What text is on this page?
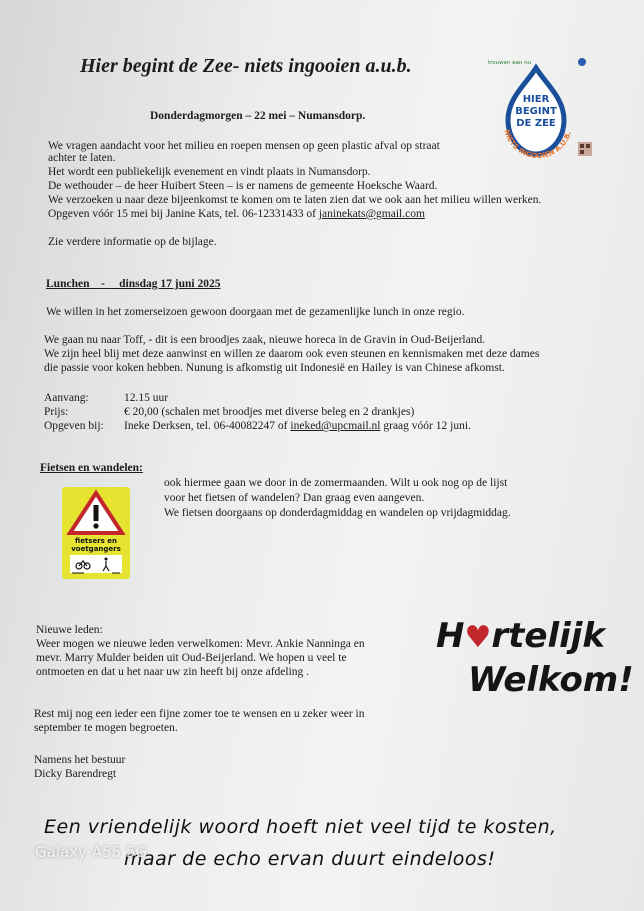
Hier begint de Zee- niets ingooien a.u.b.	trouwen ван nu
HIER
BEGINT
DE ZEE
NIETS INGOOIEN A.U.B.
Donderdagmorgen – 22 mei – Numansdorp.
We vragen aandacht voor het milieu en roepen mensen op geen plastic afval op straat
achter te laten.
Het wordt een publiekelijk evenement en vindt plaats in Numansdorp.
De wethouder – de heer Huibert Steen – is er namens de gemeente Hoeksche Waard.
We verzoeken u naar deze bijeenkomst te komen om te laten zien dat we ook aan het milieu willen werken.
Opgeven vóór 15 mei bij Janine Kats, tel. 06-12331433 of janinekats@gmail.com
Zie verdere informatie op de bijlage.
Lunchen    -     dinsdag 17 juni 2025
We willen in het zomerseizoen gewoon doorgaan met de gezamenlijke lunch in onze regio.
We gaan nu naar Toff, - dit is een broodjes zaak, nieuwe horeca in de Gravin in Oud-Beijerland.
We zijn heel blij met deze aanwinst en willen ze daarom ook even steunen en kennismaken met deze dames
die passie voor koken hebben. Nunung is afkomstig uit Indonesië en Hailey is van Chinese afkomst.
Aanvang:	12.15 uur
Prijs:	€ 20,00 (schalen met broodjes met diverse beleg en 2 drankjes)
Opgeven bij: Ineke Derksen, tel. 06-40082247 of ineked@upcmail.nl graag vóór 12 juni.
Fietsen en wandelen:
ook hiermee gaan we door in de zomermaanden. Wilt u ook nog op de lijst
voor het fietsen of wandelen? Dan graag even aangeven.
We fietsen doorgaans op donderdagmiddag en wandelen op vrijdagmiddag.
fietsers en
voetgangers
Nieuwe leden:
Weer mogen we nieuwe leden verwelkomen: Mevr. Ankie Nanninga en
mevr. Marry Mulder beiden uit Oud-Beijerland. We hopen u veel te
ontmoeten en dat u het naar uw zin heeft bij onze afdeling .
H♥rtelijk
Welkom!
Rest mij nog een ieder een fijne zomer toe te wensen en u zeker weer in
september te mogen begroeten.
Namens het bestuur
Dicky Barendregt
Een vriendelijk woord hoeft niet veel tijd te kosten,
maar de echo ervan duurt eindeloos!
Galaxy A55 5G
